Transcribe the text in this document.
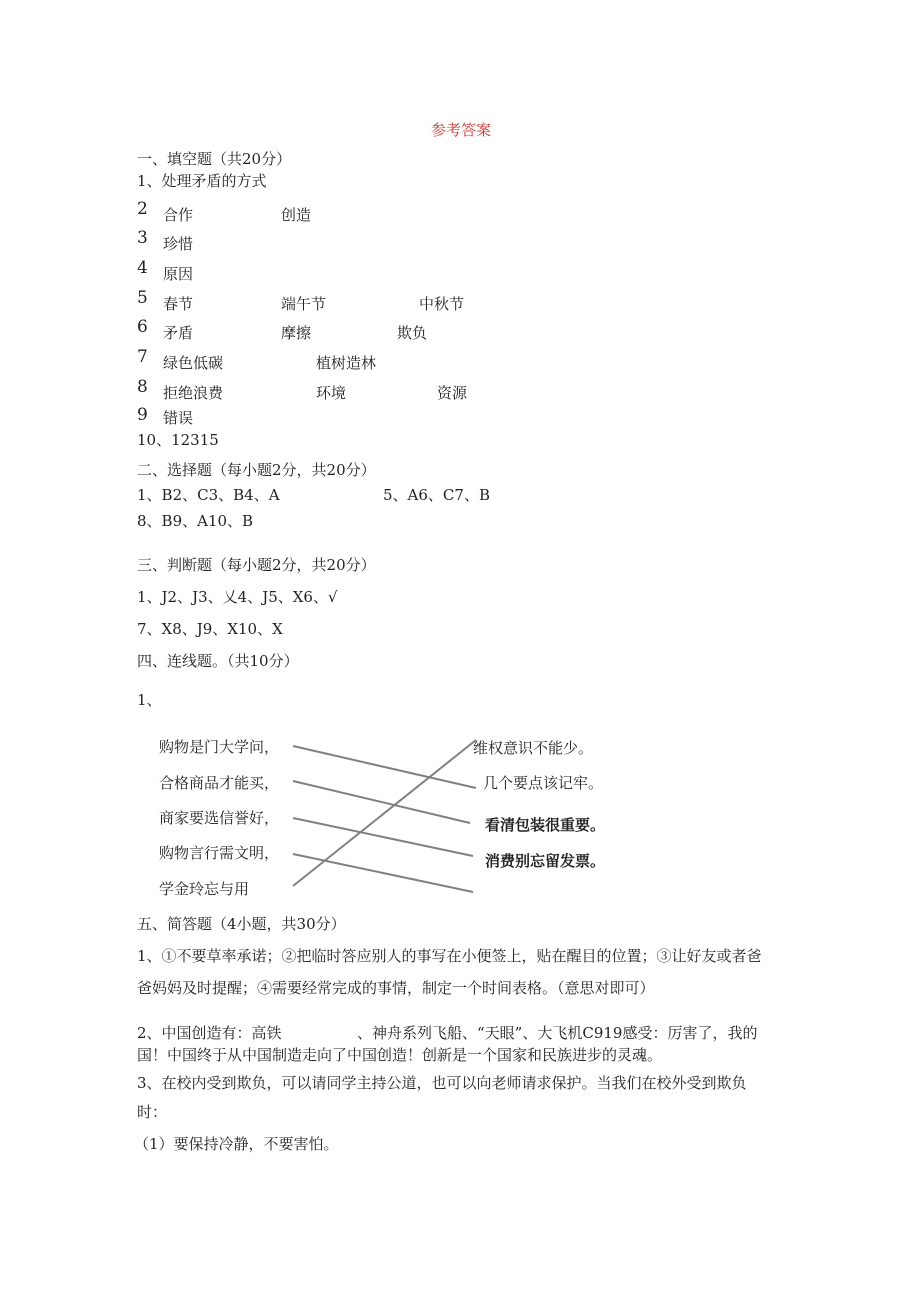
参考答案
一、填空题（共20分）
1、处理矛盾的方式
2 合作	创造
3 珍惜
4 原因
5 春节	端午节	中秋节
6 矛盾	摩擦	欺负
7 绿色低碳	植树造林
8 拒绝浪费	环境	资源
9 错误
10、12315
二、选择题（每小题2分，共20分）
1、B2、C3、B4、A	5、A6、C7、B
8、B9、A10、B
三、判断题（每小题2分，共20分）
1、J2、J3、乂4、J5、X6、√
7、X8、J9、X10、X
四、连线题。（共10分）
1、
购物是门大学问，
合格商品才能买，
商家要选信誉好，
购物言行需文明，
学金玲忘与用
维权意识不能少。
几个要点该记牢。
看清包装很重要。
消费别忘留发票。
五、简答题（4小题，共30分）
1、①不要草率承诺；②把临时答应别人的事写在小便签上，贴在醒目的位置；③让好友或者爸
爸妈妈及时提醒；④需要经常完成的事情，制定一个时间表格。（意思对即可）
2、中国创造有：高铁	、神舟系列飞船、“天眼”、大飞机C919感受：厉害了，我的
国！中国终于从中国制造走向了中国创造！创新是一个国家和民族进步的灵魂。
3、在校内受到欺负，可以请同学主持公道，也可以向老师请求保护。当我们在校外受到欺负
时：
（1）要保持冷静，不要害怕。
